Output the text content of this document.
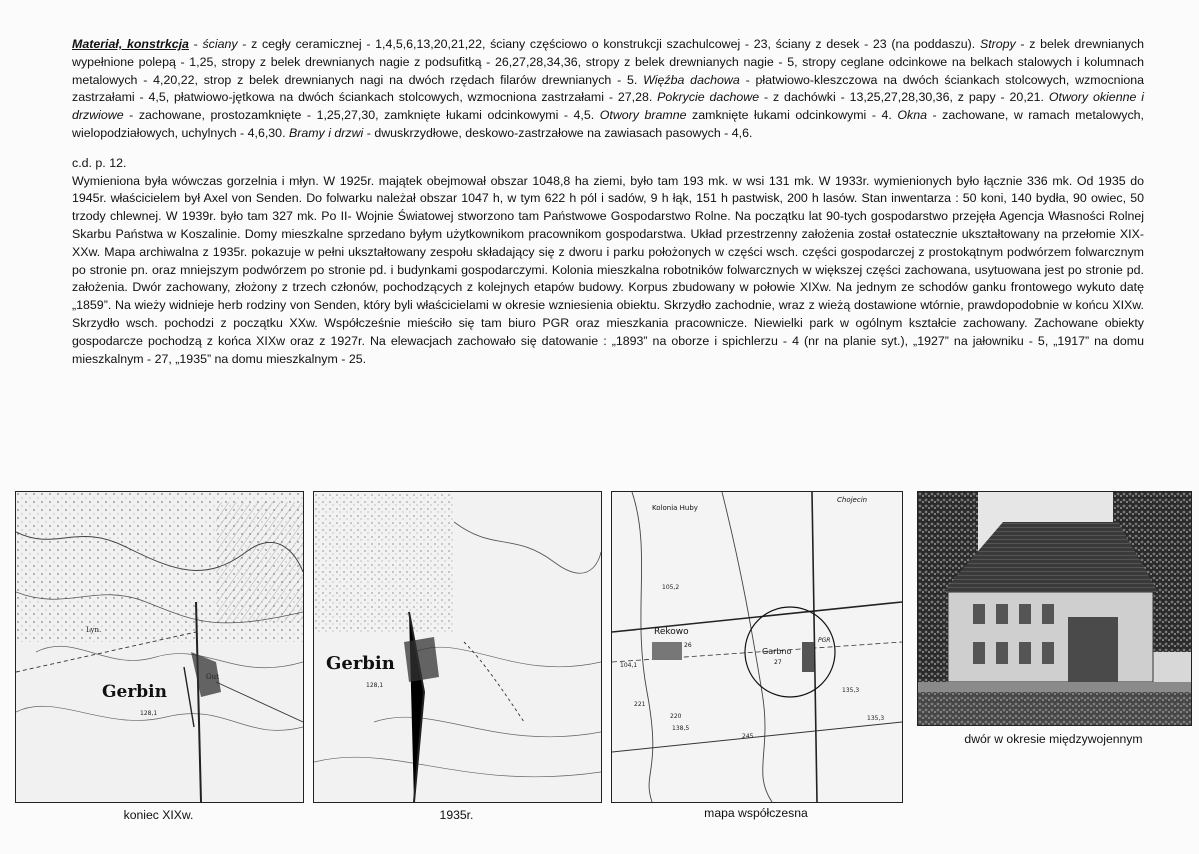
Materiał, konstrkcja - ściany - z cegły ceramicznej - 1,4,5,6,13,20,21,22, ściany częściowo o konstrukcji szachulcowej - 23, ściany z desek - 23 (na poddaszu). Stropy - z belek drewnianych wypełnione polepą - 1,25, stropy z belek drewnianych nagie z podsufitką - 26,27,28,34,36, stropy z belek drewnianych nagie - 5, stropy ceglane odcinkowe na belkach stalowych i kolumnach metalowych - 4,20,22, strop z belek drewnianych nagi na dwóch rzędach filarów drewnianych - 5. Więźba dachowa - płatwiowo-kleszczowa na dwóch ściankach stolcowych, wzmocniona zastrzałami - 4,5, płatwiowo-jętkowa na dwóch ściankach stolcowych, wzmocniona zastrzałami - 27,28. Pokrycie dachowe - z dachówki - 13,25,27,28,30,36, z papy - 20,21. Otwory okienne i drzwiowe - zachowane, prostozamknięte - 1,25,27,30, zamknięte łukami odcinkowymi - 4,5. Otwory bramne zamknięte łukami odcinkowymi - 4. Okna - zachowane, w ramach metalowych, wielopodziałowych, uchylnych - 4,6,30. Bramy i drzwi - dwuskrzydłowe, deskowo-zastrzałowe na zawiasach pasowych - 4,6.

c.d. p. 12.

Wymieniona była wówczas gorzelnia i młyn. W 1925r. majątek obejmował obszar 1048,8 ha ziemi, było tam 193 mk. w wsi 131 mk. W 1933r. wymienionych było łącznie 336 mk. Od 1935 do 1945r. właścicielem był Axel von Senden. Do folwarku należał obszar 1047 h, w tym 622 h pól i sadów, 9 h łąk, 151 h pastwisk, 200 h lasów. Stan inwentarza : 50 koni, 140 bydła, 90 owiec, 50 trzody chlewnej. W 1939r. było tam 327 mk. Po II- Wojnie Światowej stworzono tam Państwowe Gospodarstwo Rolne. Na początku lat 90-tych gospodarstwo przejęła Agencja Własności Rolnej Skarbu Państwa w Koszalinie. Domy mieszkalne sprzedano byłym użytkownikom pracownikom gospodarstwa. Układ przestrzenny założenia został ostatecznie ukształtowany na przełomie XIX-XXw. Mapa archiwalna z 1935r. pokazuje w pełni ukształtowany zespołu składający się z dworu i parku położonych w części wsch. części gospodarczej z prostokątnym podwórzem folwarcznym po stronie pn. oraz mniejszym podwórzem po stronie pd. i budynkami gospodarczymi. Kolonia mieszkalna robotników folwarcznych w większej części zachowana, usytuowana jest po stronie pd. założenia. Dwór zachowany, złożony z trzech członów, pochodzących z kolejnych etapów budowy. Korpus zbudowany w połowie XIXw. Na jednym ze schodów ganku frontowego wykuto datę „1859”. Na wieży widnieje herb rodziny von Senden, który byli właścicielami w okresie wzniesienia obiektu. Skrzydło zachodnie, wraz z wieżą dostawione wtórnie, prawdopodobnie w końcu XIXw. Skrzydło wsch. pochodzi z początku XXw. Współcześnie mieściło się tam biuro PGR oraz mieszkania pracownicze. Niewielki park w ogólnym kształcie zachowany. Zachowane obiekty gospodarcze pochodzą z końca XIXw oraz z 1927r. Na elewacjach zachowało się datowanie : „1893” na oborze i spichlerzu - 4 (nr na planie syt.), „1927” na jałowniku - 5, „1917” na domu mieszkalnym - 27, „1935” na domu mieszkalnym - 25.

Gerbin
Lyn.
Gut
128,1
Gerbin
128,1
Kolonia Huby
Chojecin
105,2
104,1
Rekowo
26
Garbno
27
PGR
138,5
135,3
135,3
220
221
245
koniec XIXw.	1935r.	mapa współczesna
dwór w okresie międzywojennym
